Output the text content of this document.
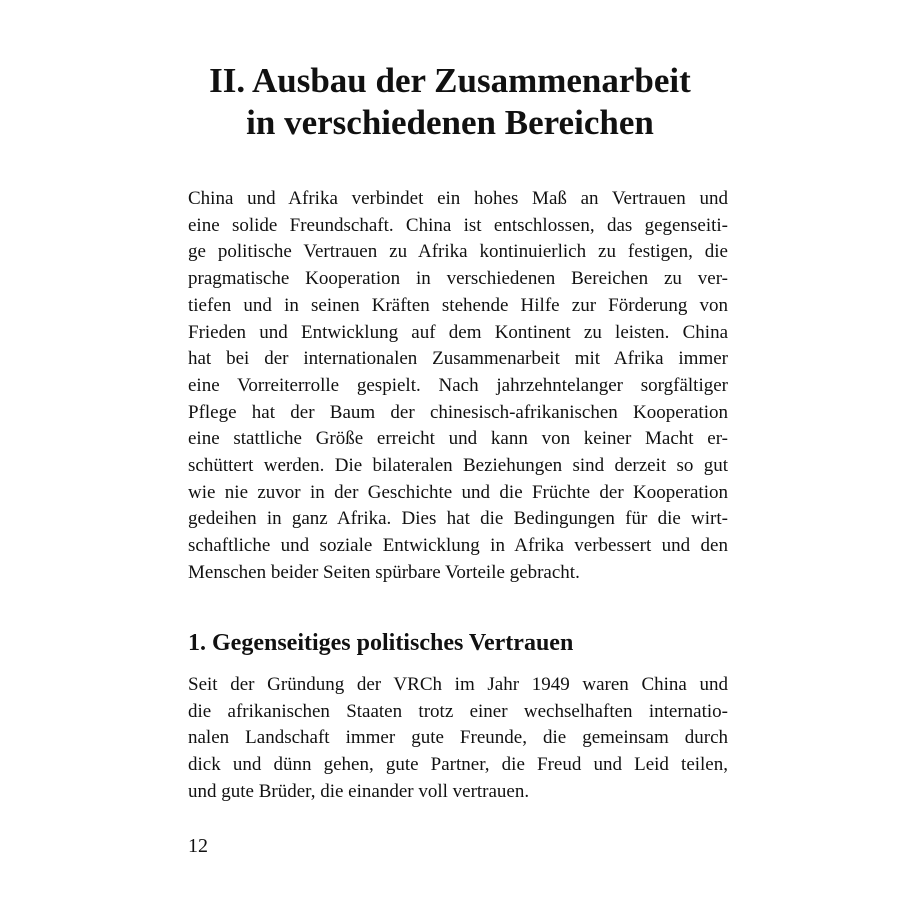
II. Ausbau der Zusammenarbeit
in verschiedenen Bereichen

China und Afrika verbindet ein hohes Maß an Vertrauen und
eine solide Freundschaft. China ist entschlossen, das gegenseiti-
ge politische Vertrauen zu Afrika kontinuierlich zu festigen, die
pragmatische Kooperation in verschiedenen Bereichen zu ver-
tiefen und in seinen Kräften stehende Hilfe zur Förderung von
Frieden und Entwicklung auf dem Kontinent zu leisten. China
hat bei der internationalen Zusammenarbeit mit Afrika immer
eine Vorreiterrolle gespielt. Nach jahrzehntelanger sorgfältiger
Pflege hat der Baum der chinesisch-afrikanischen Kooperation
eine stattliche Größe erreicht und kann von keiner Macht er-
schüttert werden. Die bilateralen Beziehungen sind derzeit so gut
wie nie zuvor in der Geschichte und die Früchte der Kooperation
gedeihen in ganz Afrika. Dies hat die Bedingungen für die wirt-
schaftliche und soziale Entwicklung in Afrika verbessert und den
Menschen beider Seiten spürbare Vorteile gebracht.

1. Gegenseitiges politisches Vertrauen

Seit der Gründung der VRCh im Jahr 1949 waren China und
die afrikanischen Staaten trotz einer wechselhaften internatio-
nalen Landschaft immer gute Freunde, die gemeinsam durch
dick und dünn gehen, gute Partner, die Freud und Leid teilen,
und gute Brüder, die einander voll vertrauen.

12
